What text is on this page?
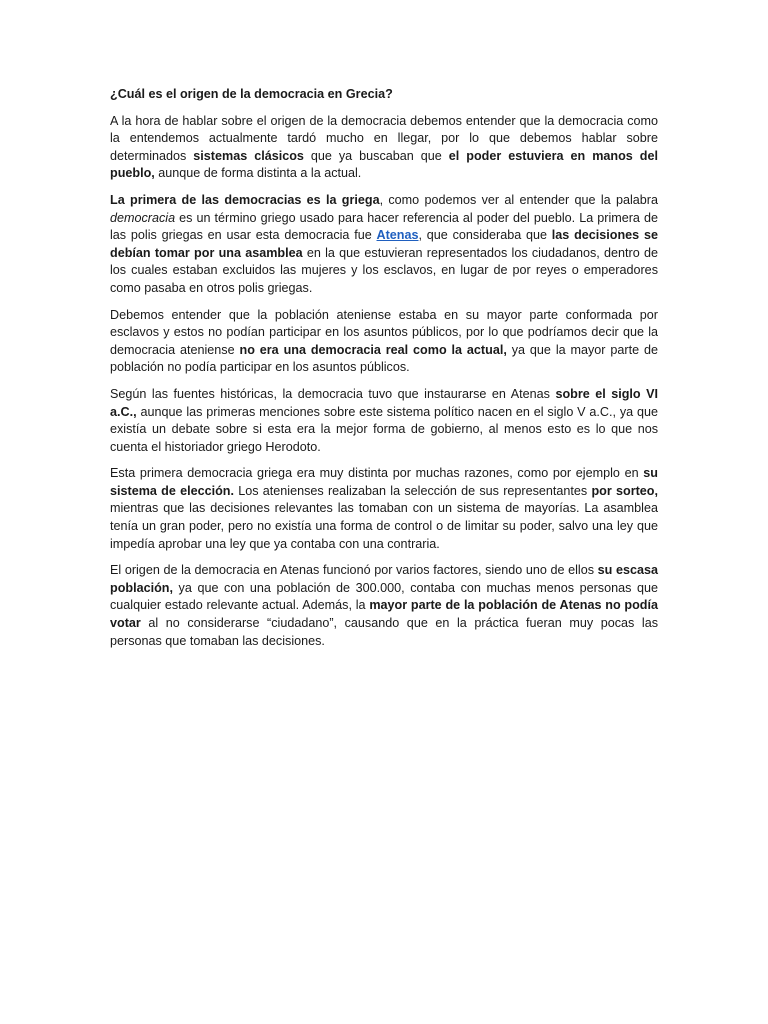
¿Cuál es el origen de la democracia en Grecia?

A la hora de hablar sobre el origen de la democracia debemos entender que la democracia como la entendemos actualmente tardó mucho en llegar, por lo que debemos hablar sobre determinados sistemas clásicos que ya buscaban que el poder estuviera en manos del pueblo, aunque de forma distinta a la actual.

La primera de las democracias es la griega, como podemos ver al entender que la palabra democracia es un término griego usado para hacer referencia al poder del pueblo. La primera de las polis griegas en usar esta democracia fue Atenas, que consideraba que las decisiones se debían tomar por una asamblea en la que estuvieran representados los ciudadanos, dentro de los cuales estaban excluidos las mujeres y los esclavos, en lugar de por reyes o emperadores como pasaba en otros polis griegas.

Debemos entender que la población ateniense estaba en su mayor parte conformada por esclavos y estos no podían participar en los asuntos públicos, por lo que podríamos decir que la democracia ateniense no era una democracia real como la actual, ya que la mayor parte de población no podía participar en los asuntos públicos.

Según las fuentes históricas, la democracia tuvo que instaurarse en Atenas sobre el siglo VI a.C., aunque las primeras menciones sobre este sistema político nacen en el siglo V a.C., ya que existía un debate sobre si esta era la mejor forma de gobierno, al menos esto es lo que nos cuenta el historiador griego Herodoto.

Esta primera democracia griega era muy distinta por muchas razones, como por ejemplo en su sistema de elección. Los atenienses realizaban la selección de sus representantes por sorteo, mientras que las decisiones relevantes las tomaban con un sistema de mayorías. La asamblea tenía un gran poder, pero no existía una forma de control o de limitar su poder, salvo una ley que impedía aprobar una ley que ya contaba con una contraria.

El origen de la democracia en Atenas funcionó por varios factores, siendo uno de ellos su escasa población, ya que con una población de 300.000, contaba con muchas menos personas que cualquier estado relevante actual. Además, la mayor parte de la población de Atenas no podía votar al no considerarse “ciudadano”, causando que en la práctica fueran muy pocas las personas que tomaban las decisiones.
